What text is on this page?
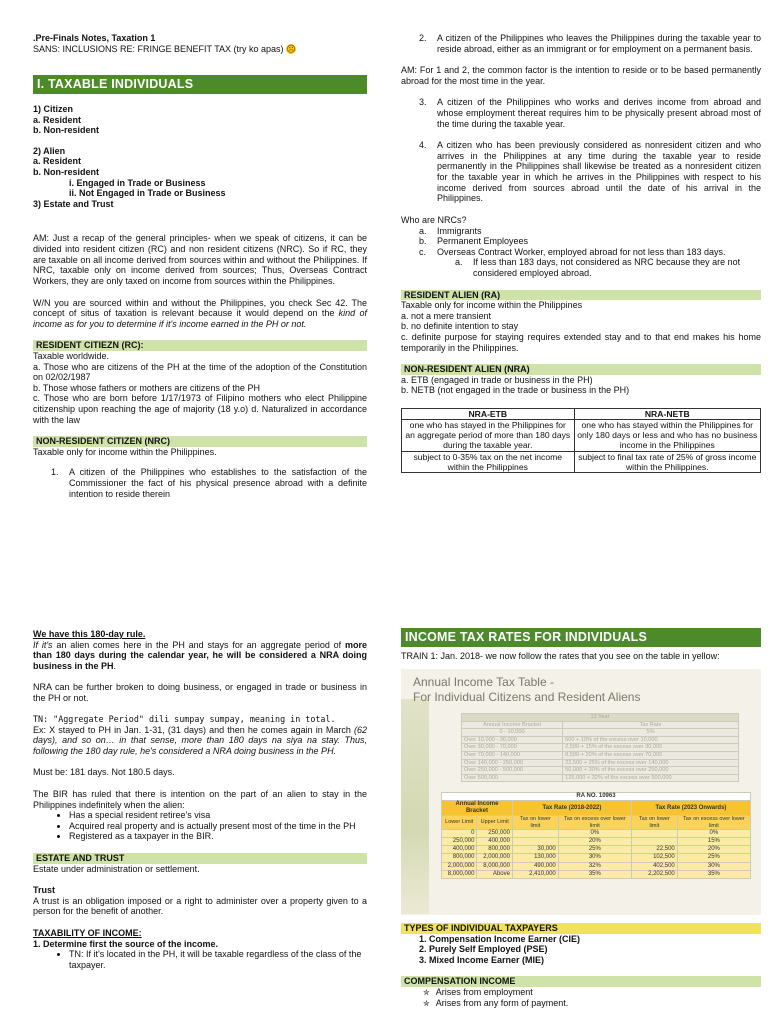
.Pre-Finals Notes, Taxation 1

SANS: INCLUSIONS RE: FRINGE BENEFIT TAX (try ko apas) ☹

I. TAXABLE INDIVIDUALS

1) Citizen

a. Resident

b. Non-resident

2) Alien

a. Resident

b. Non-resident

i. Engaged in Trade or Business

ii. Not Engaged in Trade or Business

3) Estate and Trust

AM: Just a recap of the general principles- when we speak of citizens, it can be divided into resident citizen (RC) and non resident citizens (NRC). So if RC, they are taxable on all income derived from sources within and without the Philippines. If NRC, taxable only on income derived from sources; Thus, Overseas Contract Workers, they are only taxed on income from sources within the Philippines.

W/N you are sourced within and without the Philippines, you check Sec 42. The concept of situs of taxation is relevant because it would depend on the kind of income as for you to determine if it's income earned in the PH or not.

RESIDENT CITIEZN (RC):

Taxable worldwide.

a. Those who are citizens of the PH at the time of the adoption of the Constitution on 02/02/1987

b. Those whose fathers or mothers are citizens of the PH

c. Those who are born before 1/17/1973 of Filipino mothers who elect Philippine citizenship upon reaching the age of majority (18 y.o) d. Naturalized in accordance with the law

NON-RESIDENT CITIZEN (NRC)

Taxable only for income within the Philippines.

1.	A citizen of the Philippines who establishes to the satisfaction of the Commissioner the fact of his physical presence abroad with a definite intention to reside therein

We have this 180-day rule.

If it's an alien comes here in the PH and stays for an aggregate period of more than 180 days during the calendar year, he will be considered a NRA doing business in the PH.

NRA can be further broken to doing business, or engaged in trade or business in the PH or not.

TN: "Aggregate Period" dili sumpay sumpay, meaning in total.

Ex: X stayed to PH in Jan. 1-31, (31 days) and then he comes again in March (62 days), and so on… in that sense, more than 180 days na siya na stay. Thus, following the 180 day rule, he's considered a NRA doing business in the PH.

Must be: 181 days. Not 180.5 days.

The BIR has ruled that there is intention on the part of an alien to stay in the Philippines indefinitely when the alien:

• Has a special resident retiree's visa
• Acquired real property and is actually present most of the time in the PH
• Registered as a taxpayer in the BIR.
ESTATE AND TRUST

Estate under administration or settlement.

Trust

A trust is an obligation imposed or a right to administer over a property given to a person for the benefit of another.

TAXABILITY OF INCOME:

1. Determine first the source of the income.

• TN: If it's located in the PH, it will be taxable regardless of the class of the taxpayer.
2.	A citizen of the Philippines who leaves the Philippines during the taxable year to reside abroad, either as an immigrant or for employment on a permanent basis.

AM: For 1 and 2, the common factor is the intention to reside or to be based permanently abroad for the most time in the year.

3.	A citizen of the Philippines who works and derives income from abroad and whose employment thereat requires him to be physically present abroad most of the time during the taxable year.
4.	A citizen who has been previously considered as nonresident citizen and who arrives in the Philippines at any time during the taxable year to reside permanently in the Philippines shall likewise be treated as a nonresident citizen for the taxable year in which he arrives in the Philippines with respect to his income derived from sources abroad until the date of his arrival in the Philippines.

Who are NRCs?

a.	Immigrants
b.	Permanent Employees
c.	Overseas Contract Worker, employed abroad for not less than 183 days.
a.	If less than 183 days, not considered as NRC because they are not considered employed abroad.
RESIDENT ALIEN (RA)

Taxable only for income within the Philippines

a. not a mere transient

b. no definite intention to stay

c. definite purpose for staying requires extended stay and to that end makes his home temporarily in the Philippines.

NON-RESIDENT ALIEN (NRA)

a. ETB (engaged in trade or business in the PH)

b. NETB (not engaged in the trade or business in the PH)

NRA-ETB	NRA-NETB
one who has stayed in the Philippines for an aggregate period of more than 180 days during the taxable year.	one who has stayed within the Philippines for only 180 days or less and who has no business income in the Philippines
subject to 0-35% tax on the net income within the Philippines	subject to final tax rate of 25% of gross income within the Philippines.
INCOME TAX RATES FOR INDIVIDUALS

TRAIN 1: Jan. 2018- we now follow the rates that you see on the table in yellow:

Annual Income Tax Table -
For Individual Citizens and Resident Aliens
12 Year	
Annual Income Bracket	Tax Rate
0 - 10,000	5%
Over 10,000 - 30,000	500 + 10% of the excess over 10,000
Over 30,000 - 70,000	2,500 + 15% of the excess over 30,000
Over 70,000 - 140,000	8,500 + 20% of the excess over 70,000
Over 140,000 - 250,000	22,500 + 25% of the excess over 140,000
Over 250,000 - 500,000	50,000 + 30% of the excess over 250,000
Over 500,000	125,000 + 32% of the excess over 500,000
RA NO. 10963					
Annual Income Bracket		Tax Rate (2018-2022)		Tax Rate (2023 Onwards)	
Lower Limit	Upper Limit	Tax on lower limit	Tax on excess over lower limit	Tax on lower limit	Tax on excess over lower limit
0	250,000		0%		0%
250,000	400,000		20%		15%
400,000	800,000	30,000	25%	22,500	20%
800,000	2,000,000	130,000	30%	102,500	25%
2,000,000	8,000,000	490,000	32%	402,500	30%
8,000,000	Above	2,410,000	35%	2,202,500	35%
TYPES OF INDIVIDUAL TAXPAYERS

1. Compensation Income Earner (CIE)

2. Purely Self Employed (PSE)

3. Mixed Income Earner (MIE)

COMPENSATION INCOME
✮ Arises from employment
✮ Arises from any form of payment.
